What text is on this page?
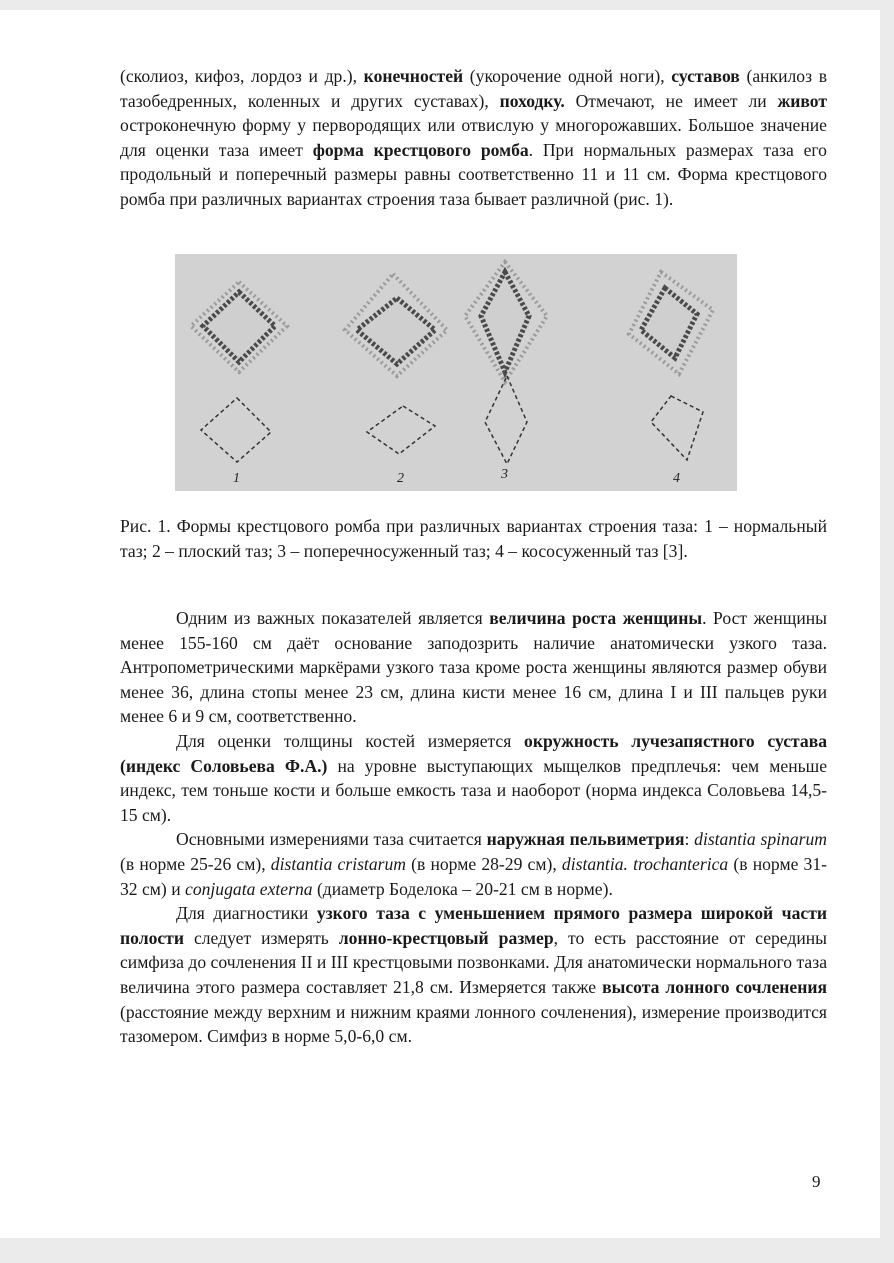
(сколиоз, кифоз, лордоз и др.), конечностей (укорочение одной ноги), суставов (анкилоз в тазобедренных, коленных и других суставах), походку. Отмечают, не имеет ли живот остроконечную форму у первородящих или отвислую у многорожавших. Большое значение для оценки таза имеет форма крестцового ромба. При нормальных размерах таза его продольный и поперечный размеры равны соответственно 11 и 11 см. Форма крестцового ромба при различных вариантах строения таза бывает различной (рис. 1).

1	2	3	4

Рис. 1. Формы крестцового ромба при различных вариантах строения таза: 1 – нормальный таз; 2 – плоский таз; 3 – поперечносуженный таз; 4 – кососуженный таз [3].

Одним из важных показателей является величина роста женщины. Рост женщины менее 155-160 см даёт основание заподозрить наличие анатомически узкого таза. Антропометрическими маркёрами узкого таза кроме роста женщины являются размер обуви менее 36, длина стопы менее 23 см, длина кисти менее 16 см, длина I и III пальцев руки менее 6 и 9 см, соответственно.

Для оценки толщины костей измеряется окружность лучезапястного сустава (индекс Соловьева Ф.А.) на уровне выступающих мыщелков предплечья: чем меньше индекс, тем тоньше кости и больше емкость таза и наоборот (норма индекса Соловьева 14,5-15 см).

Основными измерениями таза считается наружная пельвиметрия: distantia spinarum (в норме 25-26 см), distantia cristarum (в норме 28-29 см), distantia. trochanterica (в норме 31-32 см) и conjugata externa (диаметр Боделока – 20-21 см в норме).

Для диагностики узкого таза с уменьшением прямого размера широкой части полости следует измерять лонно-крестцовый размер, то есть расстояние от середины симфиза до сочленения II и III крестцовыми позвонками. Для анатомически нормального таза величина этого размера составляет 21,8 см. Измеряется также высота лонного сочленения (расстояние между верхним и нижним краями лонного сочленения), измерение производится тазомером. Симфиз в норме 5,0-6,0 см.

9
